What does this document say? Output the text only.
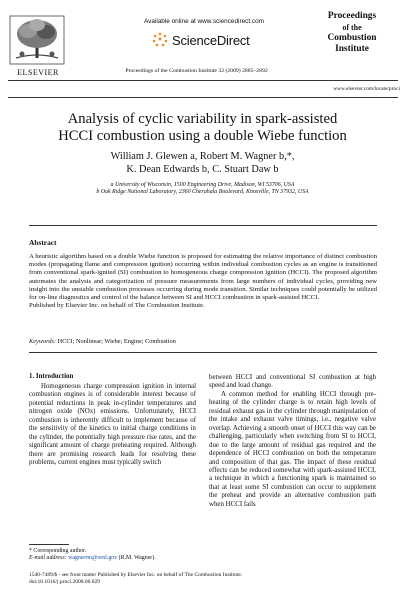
ELSEVIER
Available online at www.sciencedirect.com
ScienceDirect
Proceedings of the Combustion Institute 32 (2009) 2885–2892
Proceedings
of the
Combustion
Institute
www.elsevier.com/locate/proci
Analysis of cyclic variability in spark-assisted
HCCI combustion using a double Wiebe function
William J. Glewen a, Robert M. Wagner b,*,
K. Dean Edwards b, C. Stuart Daw b
a University of Wisconsin, 1500 Engineering Drive, Madison, WI 53706, USA
b Oak Ridge National Laboratory, 2360 Cherahala Boulevard, Knoxville, TN 37932, USA
Abstract
A heuristic algorithm based on a double Wiebe function is proposed for estimating the relative importance of distinct combustion modes (propagating flame and compression ignition) occurring within individual combustion cycles as an engine is transitioned from conventional spark-ignited (SI) combustion to homogeneous charge compression ignition (HCCI). The proposed algorithm automates the analysis and categorization of pressure measurements from large numbers of individual cycles, providing new insight into the unstable combustion processes occurring during mode transition. Similar techniques could potentially be utilized for on-line diagnostics and control of the balance between SI and HCCI combustion in spark-assisted HCCI.
Published by Elsevier Inc. on behalf of The Combustion Institute.
Keywords: HCCI; Nonlinear; Wiebe; Engine; Combustion
1. Introduction

Homogeneous charge compression ignition in internal combustion engines is of considerable interest because of potential reductions in peak in-cylinder temperatures and nitrogen oxide (NOx) emissions. Unfortunately, HCCI combustion is inherently difficult to implement because of the sensitivity of the kinetics to initial charge conditions in the cylinder, the potentially high pressure rise rates, and the significant amount of charge preheating required. Although there are promising research leads for resolving these problems, current engines must typically switch

between HCCI and conventional SI combustion at high speed and load change.

A common method for enabling HCCI through pre-heating of the cylinder charge is to retain high levels of residual exhaust gas in the cylinder through manipulation of the intake and exhaust valve timings, i.e., negative valve overlap. Achieving a smooth onset of HCCI this way can be challenging, particularly when switching from SI to HCCI, due to the large amount of residual gas required and the dependence of HCCI combustion on both the temperature and composition of that gas. The impact of these residual effects can be reduced somewhat with spark-assisted HCCI, a technique in which a functioning spark is maintained so that at least some SI combustion can occur to supplement the preheat and provide an alternative combustion path when HCCI fails

* Corresponding author.
E-mail address: wagnerrm@ornl.gov (R.M. Wagner).
1540-7489/$ - see front matter Published by Elsevier Inc. on behalf of The Combustion Institute.
doi:10.1016/j.proci.2008.06.029
